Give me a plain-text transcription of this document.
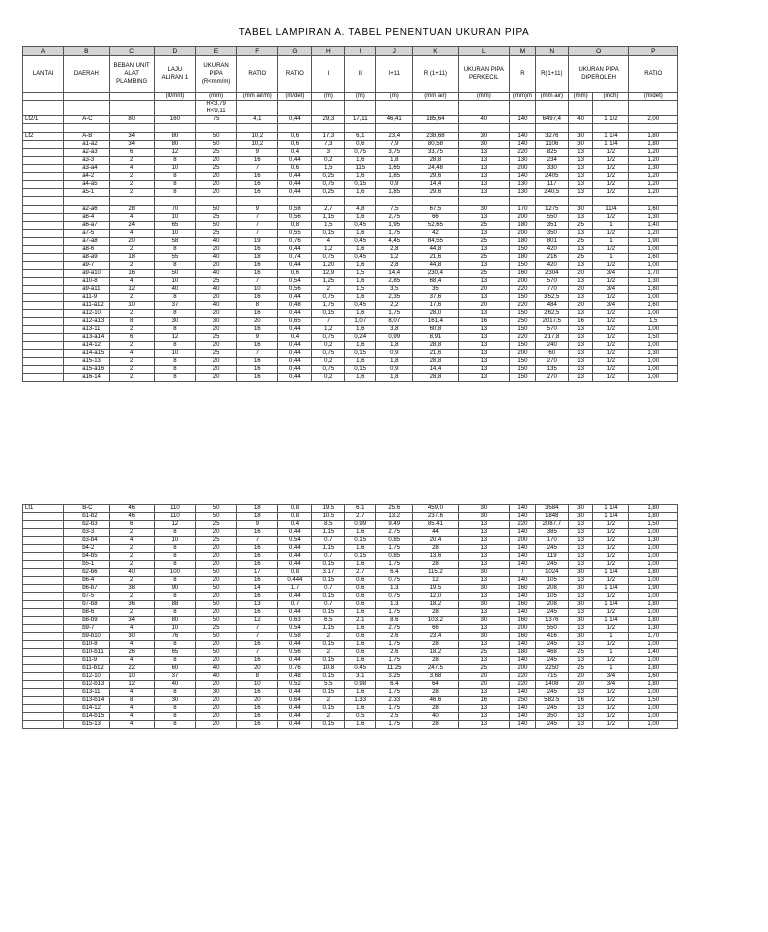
TABEL LAMPIRAN A. TABEL PENENTUAN UKURAN PIPA
A	B	C	D	E	F	G	H	I	J	K	L	M	N	O		P
LANTAI	DAERAH	BEBAN UNIT ALAT PLAMBING	LAJU ALIRAN 1	UKURAN PIPA (R<mm/m)	RATIO	RATIO	I	II	I+11	R (1+11)	UKURAN PIPA PERKECIL	R	R(1+11)	UKURAN PIPA DIPEROLEH		RATIO
			(lt/mnt)	(mm)	(mm air/m)	(m/det)	(m)	(m)	(m)	(mm air)	(mm)	(mm)m	(mm air)	(mm)	(inch)	(m/det)
				R<3,79												
				R<9,11												
Lt2/1	A-C	80	160	75	4,1	0,44	29,3	17,11	46,41	185,64	40	140	6497,4	40	1 1/2	2,00

Lt2	A-B	34	80	50	10,2	0,6	17,3	6,1	23,4	238,68	30	140	3276	30	1 1/4	1,80
	a1-a2	34	80	50	10,2	0,6	7,3	0,6	7,9	80,58	30	140	1106	30	1 1/4	1,80
	a2-a3	6	12	25	9	0,4	3	0,75	3,75	33,75	13	220	825	13	1/2	1,20
	a3-3	2	8	20	16	0,44	0,2	1,6	1,8	28,8	13	130	234	13	1/2	1,20
	a3-a4	4	10	25	7	0,6	1,5	115	1,65	24,48	13	200	330	13	1/2	1,30
	a4-2	2	8	20	16	0,44	0,25	1,6	1,85	29,6	13	140	2405	13	1/2	1,20
	a4-a5	2	8	20	16	0,44	0,75	0,15	0,9	14,4	13	130	117	13	1/2	1,20
	a5-1	2	8	20	16	0,44	0,25	1,6	1,85	29,6	13	130	240,5	13	1/2	1,20

	a2-a6	28	70	50	9	0,58	2,7	4,8	7,5	67,5	30	170	1275	30	11/4	1,60
	a6-4	4	10	25	7	0,56	1,15	1,6	2,75	66	13	200	550	13	1/2	1,30
	a6-a7	24	65	50	7	0,8	1,5	0,45	1,95	52,65	25	180	351	25	1	1,40
	a7-5	4	10	25	7	0,55	0,15	1,6	1,75	42	13	200	350	13	1/2	1,20
	a7-a8	20	58	40	19	0,76	4	0,45	4,45	84,55	25	180	801	25	1	1,90
	a8-6	2	8	20	16	0,44	1,2	1,6	2,8	44,8	13	150	420	13	1/2	1,00
	a8-a9	18	55	40	18	0,74	0,75	0,45	1,2	21,6	25	180	216	25	1	1,60
	a9-7	2	8	20	16	0,44	1,20	1,6	2,8	44,8	13	150	420	13	1/2	1,00
	a9-a10	16	50	40	16	0,6	12,9	1,5	14,4	230,4	25	160	2304	20	3/4	1,70
	a10-8	4	10	25	7	0,54	1,25	1,6	2,85	68,4	13	200	570	13	1/2	1,30
	a9-a11	12	40	40	10	0,56	2	1,5	3,5	35	20	220	770	20	3/4	1,80
	a11-9	2	8	20	16	0,44	0,75	1,6	2,35	37,6	13	150	352,5	13	1/2	1,00
	a11-a12	10	37	40	8	0,48	1,75	0,45	2,2	17,6	20	220	484	20	3/4	1,60
	a12-10	2	8	20	16	0,44	0,15	1,6	1,75	28,0	13	150	262,5	13	1/2	1,00
	a12-a13	8	30	30	20	0,65	7	1,07	8,07	161,4	16	250	2017,5	16	1/2	1,5
	a13-11	2	8	20	16	0,44	1,2	1,6	3,8	60,8	13	150	570	13	1/2	1,00
	a13-a14	6	12	25	9	0,4	0,75	0,24	0,99	8,91	13	220	217,8	13	1/2	1,50
	a14-12	2	8	20	16	0,44	0,2	1,6	1,8	28,8	13	150	240	13	1/2	1,00
	a14-a15	4	10	25	7	0,44	0,75	0,15	0,9	21,6	13	200	60	13	1/2	1,30
	a15-13	2	8	20	16	0,44	0,2	1,6	1,8	28,8	13	150	270	13	1/2	1,00
	a15-a16	2	8	20	16	0,44	0,75	0,15	0,9	14,4	13	150	135	13	1/2	1,00
	a16-14	2	8	20	16	0,44	0,2	1,6	1,8	28,8	13	150	270	13	1/2	1,00
Lt1	B-C	46	110	50	18	0.8	19.5	6.1	25.6	459,0	30	140	3584	30	1 1/4	1,80
	b1-b2	46	110	50	18	0.8	10.5	2.7	13.2	237.6	30	140	1848	30	1 1/4	1,80
	b2-b3	6	12	25	9	0.4	8.5	0.99	9.49	85.41	13	220	2087.7	13	1/2	1,50
	b3-3	2	8	20	16	0.44	1.15	1.6	2.75	44	13	140	385	13	1/2	1,00
	b3-b4	4	10	25	7	0.54	0.7	0.15	0.85	20.4	13	200	170	13	1/2	1,30
	b4-2	2	8	20	16	0.44	1.15	1.6	1.75	28	13	140	245	13	1/2	1,00
	b4-b5	2	8	20	16	0.44	0.7	0.15	0.85	13.6	13	140	119	13	1/2	1,00
	b5-1	2	8	20	16	0.44	0.15	1.6	1.75	28	13	140	245	13	1/2	1,00
	b2-b6	40	100	50	17	0.8	3.17	2.7	6.4	115.2	30	/	1024	30	1 1/4	1,80
	b6-4	2	8	20	16	0.444	0.15	0.6	0.75	12	13	140	105	13	1/2	1,00
	b6-b7	38	90	50	14	1.7	0.7	0.6	1.3	19.5	30	160	208	30	1 1/4	1,90
	b7-5	2	8	20	16	0.44	0.15	0.6	0.75	12,0	13	140	105	13	1/2	1,00
	b7-b8	36	88	50	13	0.7	0.7	0.6	1.3	18.2	30	160	208	30	1 1/4	1,80
	b8-6	2	8	20	16	0.44	0.15	1.6	1.75	28	13	140	245	13	1/2	1,00
	b8-b9	34	80	50	12	0.63	6.5	2.1	8.6	103.2	30	160	1376	30	1 1/4	1,80
	b9-7	4	10	25	7	0.54	1.15	1.6	2.75	66	13	200	550	13	1/2	1,30
	b9-b10	30	76	50	7	0.58	2	0.6	2.6	23.4	30	160	416	30	1	1,70
	b10-8	4	8	20	16	0.44	0.15	1.6	1.75	28	13	140	245	13	1/2	1,00
	b10-b11	26	65	50	7	0.56	2	0.6	2.6	18.2	25	180	468	25	1	1,40
	b11-9	4	8	20	16	0.44	0.15	1.6	1.75	28	13	140	245	13	1/2	1,00
	b11-b12	22	60	40	20	0.76	10.8	0.45	11.25	247.5	25	200	2250	25	1	1,80
	b12-10	10	37	40	8	0.48	0.15	3.1	3.25	3.68	20	220	715	20	3/4	1,60
	b12-b13	12	40	20	10	0.52	5.5	0.98	6.4	64	20	220	1408	20	3/4	1,80
	b13-11	4	8	30	16	0.44	0.15	1.6	1.75	28	13	140	245	13	1/2	1,00
	b13-b14	8	30	20	20	0.64	2	1.33	2.33	46.6	16	250	582.5	16	1/2	1,50
	b14-12	4	8	20	16	0.44	0.15	1.6	1.75	28	13	140	245	13	1/2	1,00
	b14-b15	4	8	20	16	0.44	2	0.5	2.5	40	13	140	350	13	1/2	1,00
	b15-13	4	8	20	16	0.44	0.15	1.6	1.75	28	13	140	245	13	1/2	1,00
